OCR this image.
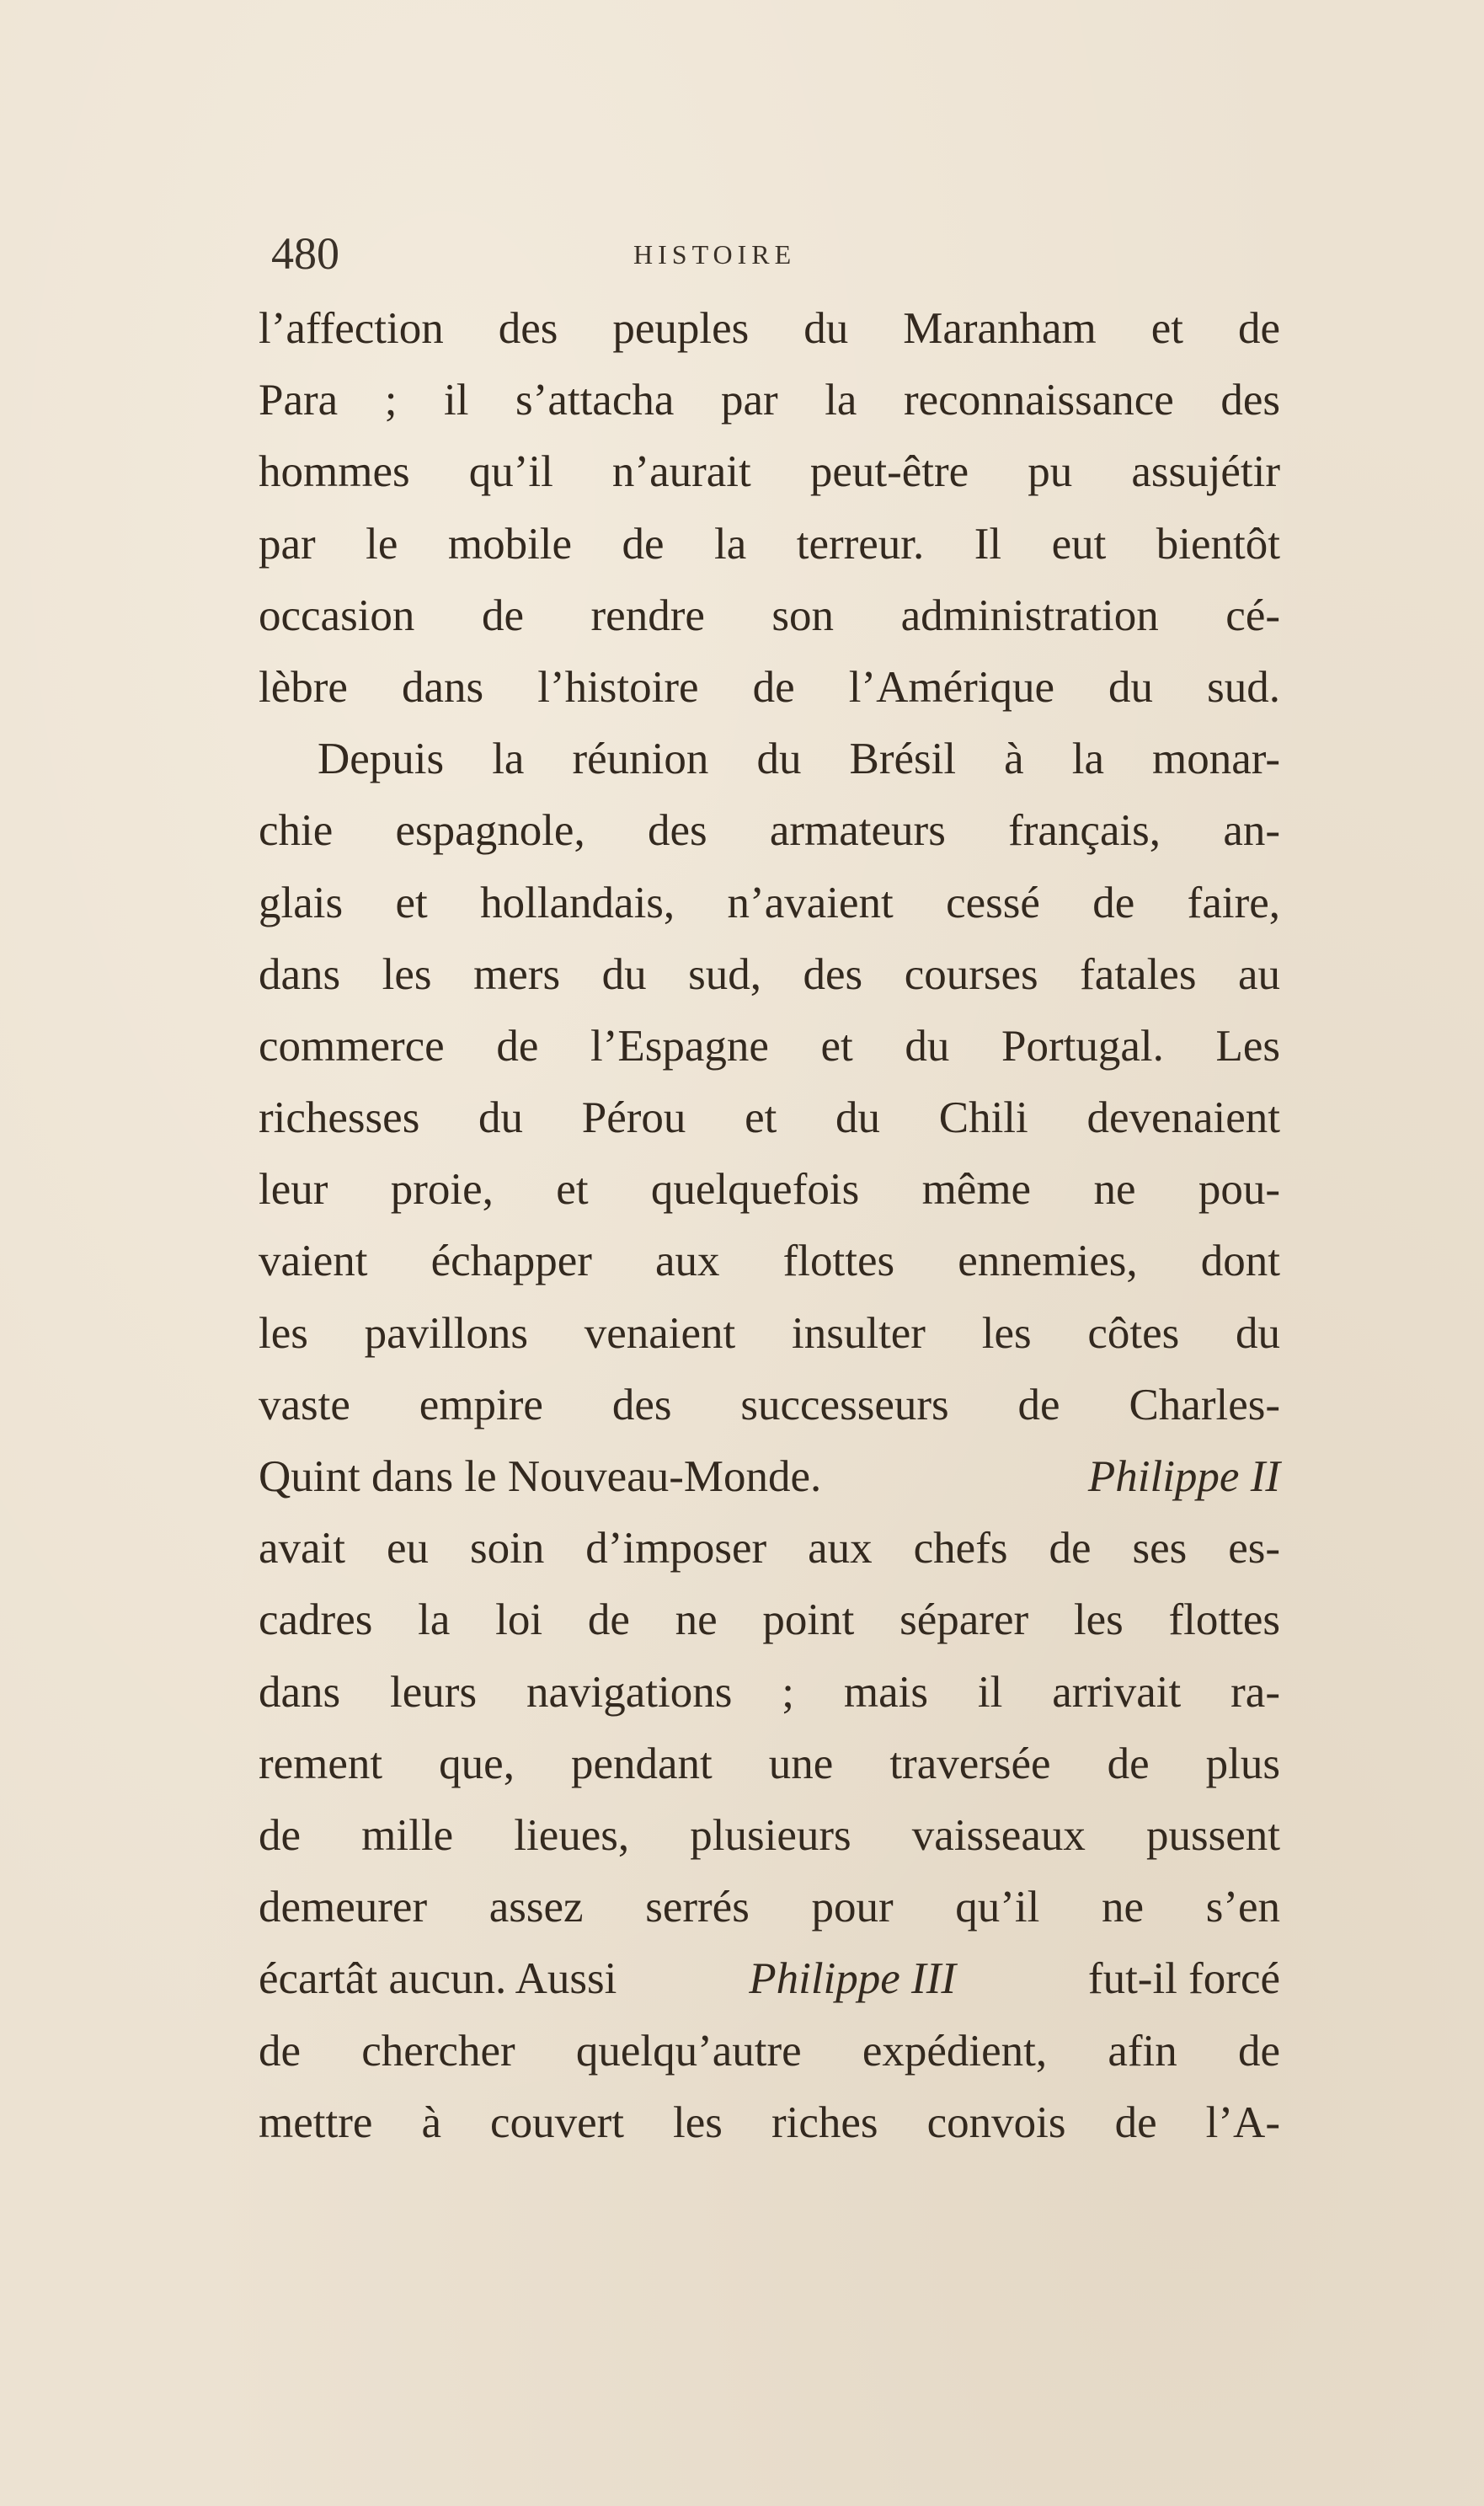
480	HISTOIRE
l’affection des peuples du Maranham et de
Para ; il s’attacha par la reconnaissance des
hommes qu’il n’aurait peut-être pu assujétir
par le mobile de la terreur. Il eut bientôt
occasion de rendre son administration cé-
lèbre dans l’histoire de l’Amérique du sud.
Depuis la réunion du Brésil à la monar-
chie espagnole, des armateurs français, an-
glais et hollandais, n’avaient cessé de faire,
dans les mers du sud, des courses fatales au
commerce de l’Espagne et du Portugal. Les
richesses du Pérou et du Chili devenaient
leur proie, et quelquefois même ne pou-
vaient échapper aux flottes ennemies, dont
les pavillons venaient insulter les côtes du
vaste empire des successeurs de Charles-
Quint dans le Nouveau-Monde.	Philippe II
avait eu soin d’imposer aux chefs de ses es-
cadres la loi de ne point séparer les flottes
dans leurs navigations ; mais il arrivait ra-
rement que, pendant une traversée de plus
de mille lieues, plusieurs vaisseaux pussent
demeurer assez serrés pour qu’il ne s’en
écartât aucun. Aussi	Philippe III	fut-il forcé
de chercher quelqu’autre expédient, afin de
mettre à couvert les riches convois de l’A-
